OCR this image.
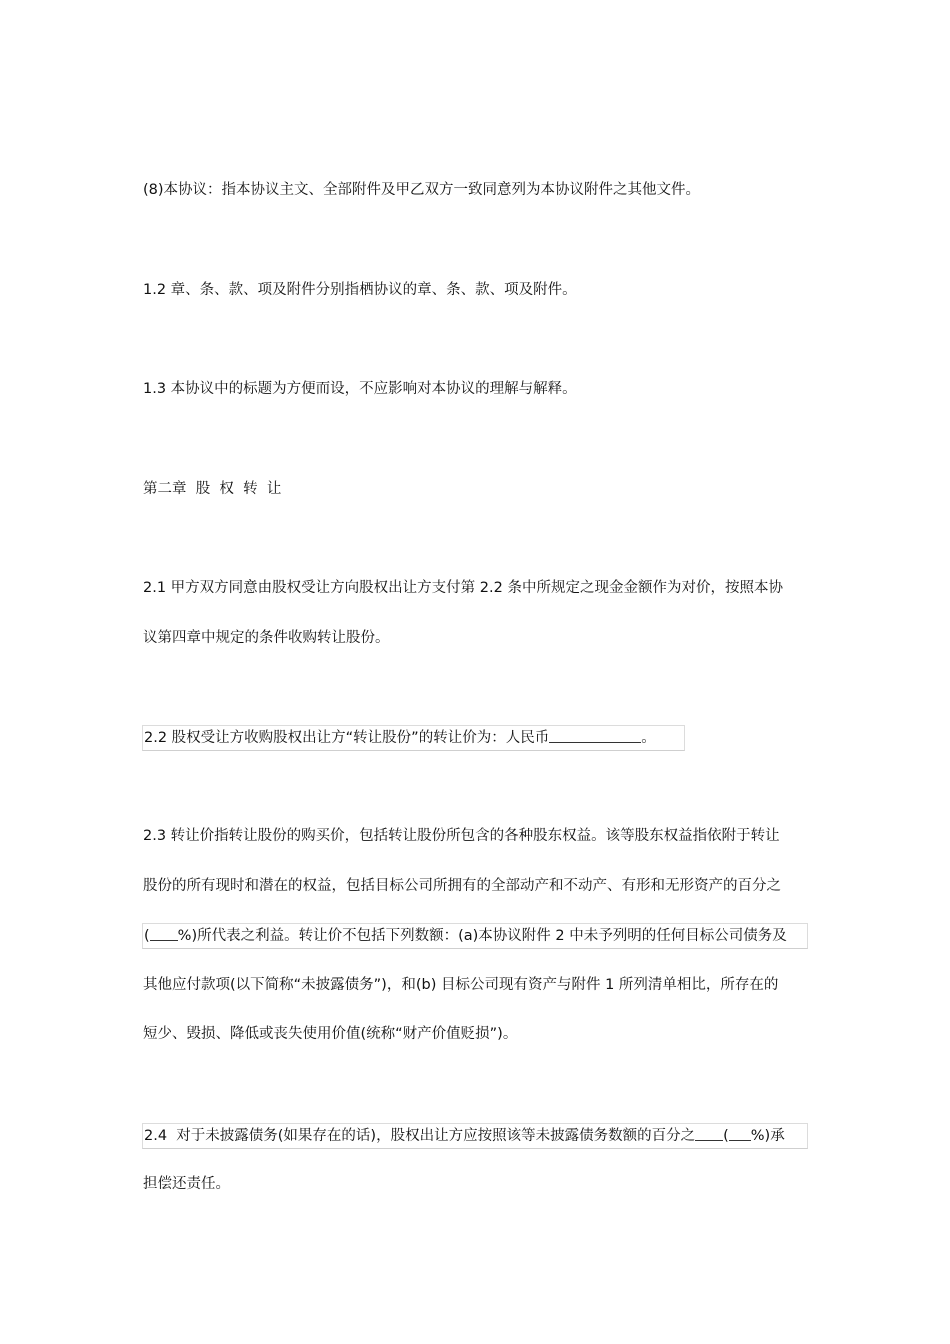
(8)本协议：指本协议主文、全部附件及甲乙双方一致同意列为本协议附件之其他文件。
1.2 章、条、款、项及附件分别指栖协议的章、条、款、项及附件。
1.3 本协议中的标题为方便而设，不应影响对本协议的理解与解释。
第二章  股  权  转  让
2.1 甲方双方同意由股权受让方向股权出让方支付第 2.2 条中所规定之现金金额作为对价，按照本协
议第四章中规定的条件收购转让股份。
2.2 股权受让方收购股权出让方“转让股份”的转让价为：人民币	。
2.3 转让价指转让股份的购买价，包括转让股份所包含的各种股东权益。该等股东权益指依附于转让
股份的所有现时和潜在的权益，包括目标公司所拥有的全部动产和不动产、有形和无形资产的百分之
( %)所代表之利益。转让价不包括下列数额：(a)本协议附件 2 中未予列明的任何目标公司债务及
其他应付款项(以下简称“未披露债务”)，和(b) 目标公司现有资产与附件 1 所列清单相比，所存在的
短少、毁损、降低或丧失使用价值(统称“财产价值贬损”)。
2.4  对于未披露债务(如果存在的话)，股权出让方应按照该等未披露债务数额的百分之 ( %)承
担偿还责任。
